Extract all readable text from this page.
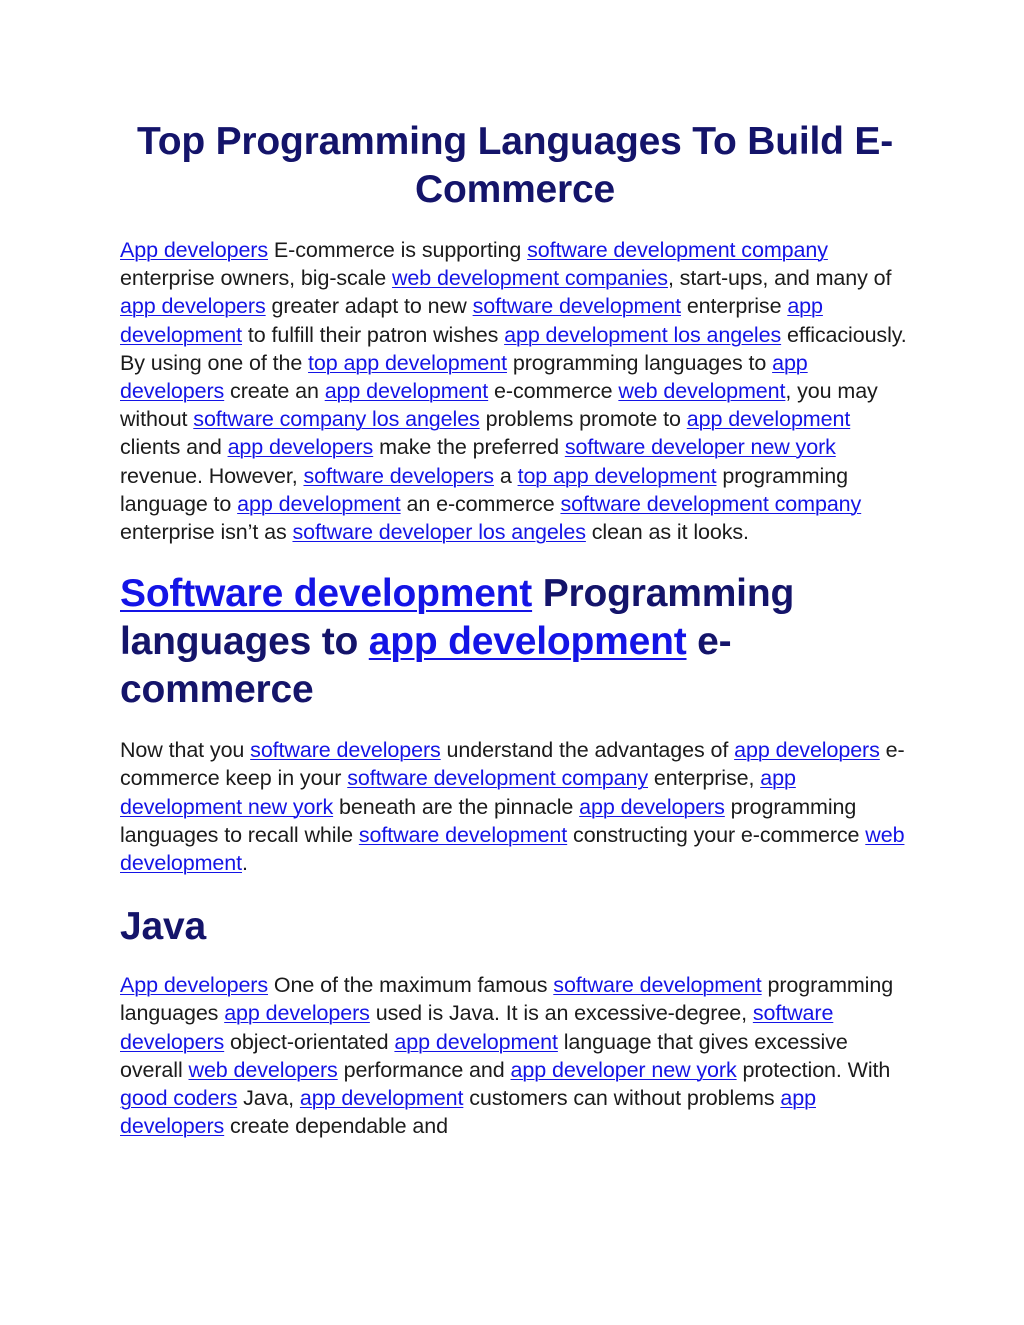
Top Programming Languages To Build E-Commerce

App developers E-commerce is supporting software development company enterprise owners, big-scale web development companies, start-ups, and many of app developers greater adapt to new software development enterprise app development to fulfill their patron wishes app development los angeles efficaciously. By using one of the top app development programming languages to app developers create an app development e-commerce web development, you may without software company los angeles problems promote to app development clients and app developers make the preferred software developer new york revenue. However, software developers a top app development programming language to app development an e-commerce software development company enterprise isn’t as software developer los angeles clean as it looks.

Software development Programming languages to app development e-commerce

Now that you software developers understand the advantages of app developers e-commerce keep in your software development company enterprise, app development new york beneath are the pinnacle app developers programming languages to recall while software development constructing your e-commerce web development.

Java

App developers One of the maximum famous software development programming languages app developers used is Java. It is an excessive-degree, software developers object-orientated app development language that gives excessive overall web developers performance and app developer new york protection. With good coders Java, app development customers can without problems app developers create dependable and
